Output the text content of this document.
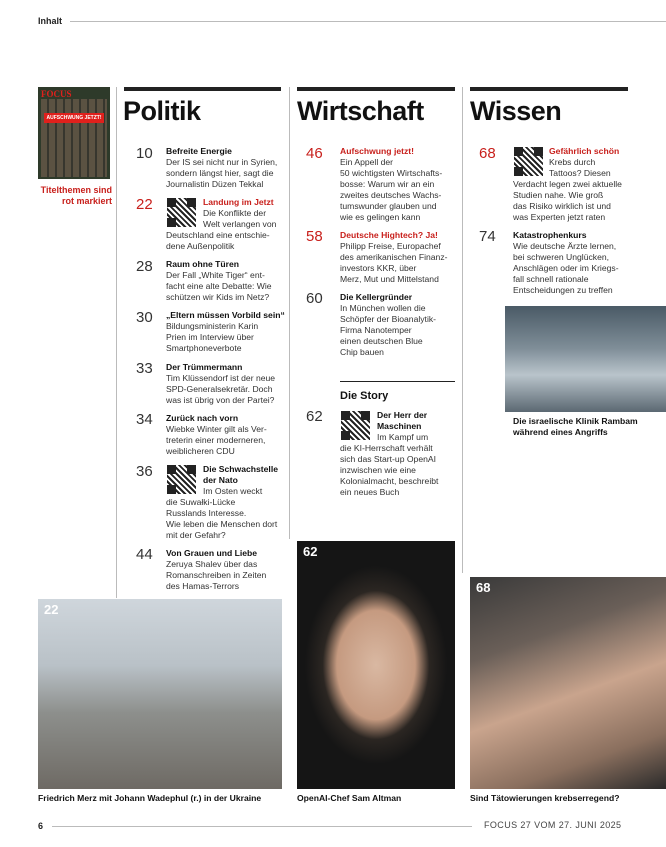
Inhalt
6	FOCUS 27 VOM 27. JUNI 2025
FOCUS
AUFSCHWUNG JETZT!
Titelthemen sind rot markiert
Politik	Wirtschaft Wissen
10 Befreite Energie
Der IS sei nicht nur in Syrien,
sondern längst hier, sagt die
Journalistin Düzen Tekkal
22	Landung im Jetzt
Die Konflikte der
Welt verlangen von
Deutschland eine entschie-
dene Außenpolitik
28 Raum ohne Türen
Der Fall „White Tiger“ ent-
facht eine alte Debatte: Wie
schützen wir Kids im Netz?
30 „Eltern müssen Vorbild sein“
Bildungsministerin Karin
Prien im Interview über
Smartphoneverbote
33 Der Trümmermann
Tim Klüssendorf ist der neue
SPD-Generalsekretär. Doch
was ist übrig von der Partei?
34 Zurück nach vorn
Wiebke Winter gilt als Ver-
treterin einer moderneren,
weiblicheren CDU
36	Die Schwachstelle
der Nato
Im Osten weckt
die Suwałki-Lücke
Russlands Interesse.
Wie leben die Menschen dort
mit der Gefahr?
44 Von Grauen und Liebe
Zeruya Shalev über das
Romanschreiben in Zeiten
des Hamas-Terrors
46 Aufschwung jetzt!
Ein Appell der
50 wichtigsten Wirtschafts-
bosse: Warum wir an ein
zweites deutsches Wachs-
tumswunder glauben und
wie es gelingen kann
58 Deutsche Hightech? Ja!
Philipp Freise, Europachef
des amerikanischen Finanz-
investors KKR, über
Merz, Mut und Mittelstand
60 Die Kellergründer
In München wollen die
Schöpfer der Bioanalytik-
Firma Nanotemper
einen deutschen Blue
Chip bauen
Die Story
62	Der Herr der
Maschinen
Im Kampf um
die KI-Herrschaft verhält
sich das Start-up OpenAI
inzwischen wie eine
Kolonialmacht, beschreibt
ein neues Buch
68	Gefährlich schön
Krebs durch
Tattoos? Diesen
Verdacht legen zwei aktuelle
Studien nahe. Wie groß
das Risiko wirklich ist und
was Experten jetzt raten
74 Katastrophenkurs
Wie deutsche Ärzte lernen,
bei schweren Unglücken,
Anschlägen oder im Kriegs-
fall schnell rationale
Entscheidungen zu treffen
Die israelische Klinik Rambam
während eines Angriffs
22
Friedrich Merz mit Johann Wadephul (r.) in der Ukraine
62
OpenAI-Chef Sam Altman
68
Sind Tätowierungen krebserregend?
